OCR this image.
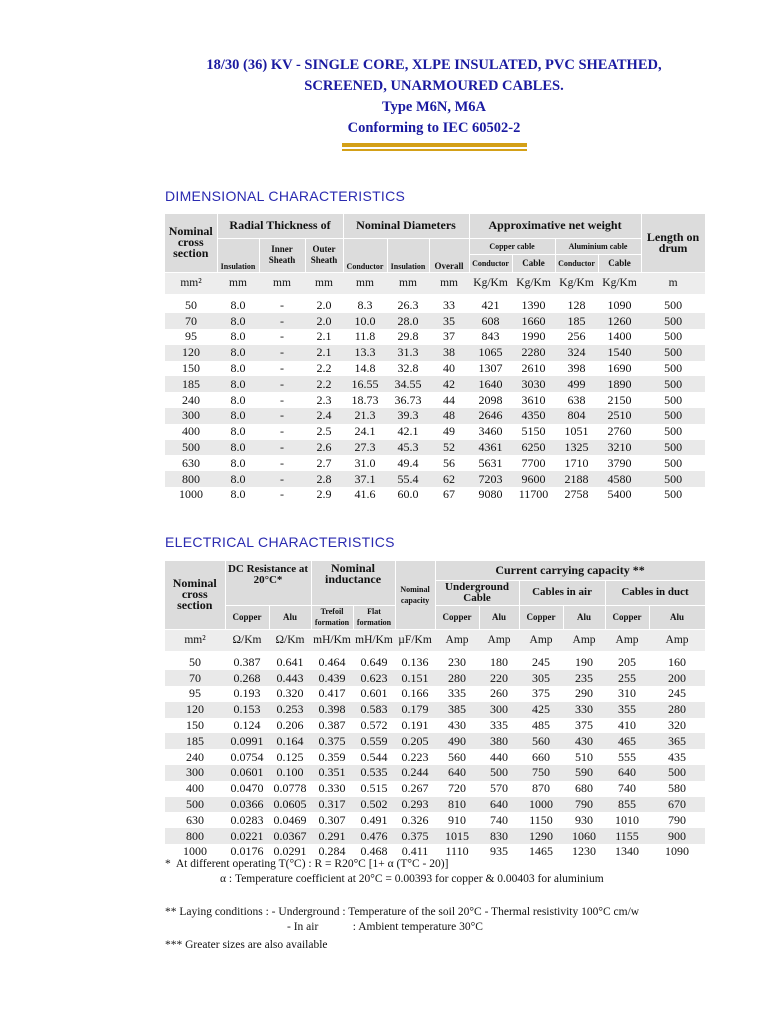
18/30 (36) KV - SINGLE CORE, XLPE INSULATED, PVC SHEATHED,
SCREENED, UNARMOURED CABLES.
Type M6N, M6A
Conforming to IEC 60502-2
DIMENSIONAL CHARACTERISTICS
Nominal cross section	Radial Thickness of			Nominal Diameters			Approximative net weight				Length on drum
	Insulation	Inner Sheath	Outer Sheath	Conductor	Insulation	Overall	Copper cable		Aluminium cable		
							Conductor	Cable	Conductor	Cable	
mm²	mm	mm	mm	mm	mm	mm	Kg/Km	Kg/Km	Kg/Km	Kg/Km	m
50	8.0	-	2.0	8.3	26.3	33	421	1390	128	1090	500
70	8.0	-	2.0	10.0	28.0	35	608	1660	185	1260	500
95	8.0	-	2.1	11.8	29.8	37	843	1990	256	1400	500
120	8.0	-	2.1	13.3	31.3	38	1065	2280	324	1540	500
150	8.0	-	2.2	14.8	32.8	40	1307	2610	398	1690	500
185	8.0	-	2.2	16.55	34.55	42	1640	3030	499	1890	500
240	8.0	-	2.3	18.73	36.73	44	2098	3610	638	2150	500
300	8.0	-	2.4	21.3	39.3	48	2646	4350	804	2510	500
400	8.0	-	2.5	24.1	42.1	49	3460	5150	1051	2760	500
500	8.0	-	2.6	27.3	45.3	52	4361	6250	1325	3210	500
630	8.0	-	2.7	31.0	49.4	56	5631	7700	1710	3790	500
800	8.0	-	2.8	37.1	55.4	62	7203	9600	2188	4580	500
1000	8.0	-	2.9	41.6	60.0	67	9080	11700	2758	5400	500
ELECTRICAL CHARACTERISTICS
Nominal cross section	DC Resistance at 20°C*		Nominal inductance		Nominal capacity	Current carrying capacity **					
						Underground Cable		Cables in air		Cables in duct	
	Copper	Alu	Trefoil formation	Flat formation		Copper	Alu	Copper	Alu	Copper	Alu
mm²	Ω/Km	Ω/Km	mH/Km	mH/Km	µF/Km	Amp	Amp	Amp	Amp	Amp	Amp
50	0.387	0.641	0.464	0.649	0.136	230	180	245	190	205	160
70	0.268	0.443	0.439	0.623	0.151	280	220	305	235	255	200
95	0.193	0.320	0.417	0.601	0.166	335	260	375	290	310	245
120	0.153	0.253	0.398	0.583	0.179	385	300	425	330	355	280
150	0.124	0.206	0.387	0.572	0.191	430	335	485	375	410	320
185	0.0991	0.164	0.375	0.559	0.205	490	380	560	430	465	365
240	0.0754	0.125	0.359	0.544	0.223	560	440	660	510	555	435
300	0.0601	0.100	0.351	0.535	0.244	640	500	750	590	640	500
400	0.0470	0.0778	0.330	0.515	0.267	720	570	870	680	740	580
500	0.0366	0.0605	0.317	0.502	0.293	810	640	1000	790	855	670
630	0.0283	0.0469	0.307	0.491	0.326	910	740	1150	930	1010	790
800	0.0221	0.0367	0.291	0.476	0.375	1015	830	1290	1060	1155	900
1000	0.0176	0.0291	0.284	0.468	0.411	1110	935	1465	1230	1340	1090
*  At different operating T(°C) : R = R20°C [1+ α (T°C - 20)]
α : Temperature coefficient at 20°C = 0.00393 for copper & 0.00403 for aluminium
** Laying conditions : - Underground : Temperature of the soil 20°C - Thermal resistivity 100°C cm/w
- In air            : Ambient temperature 30°C
*** Greater sizes are also available
